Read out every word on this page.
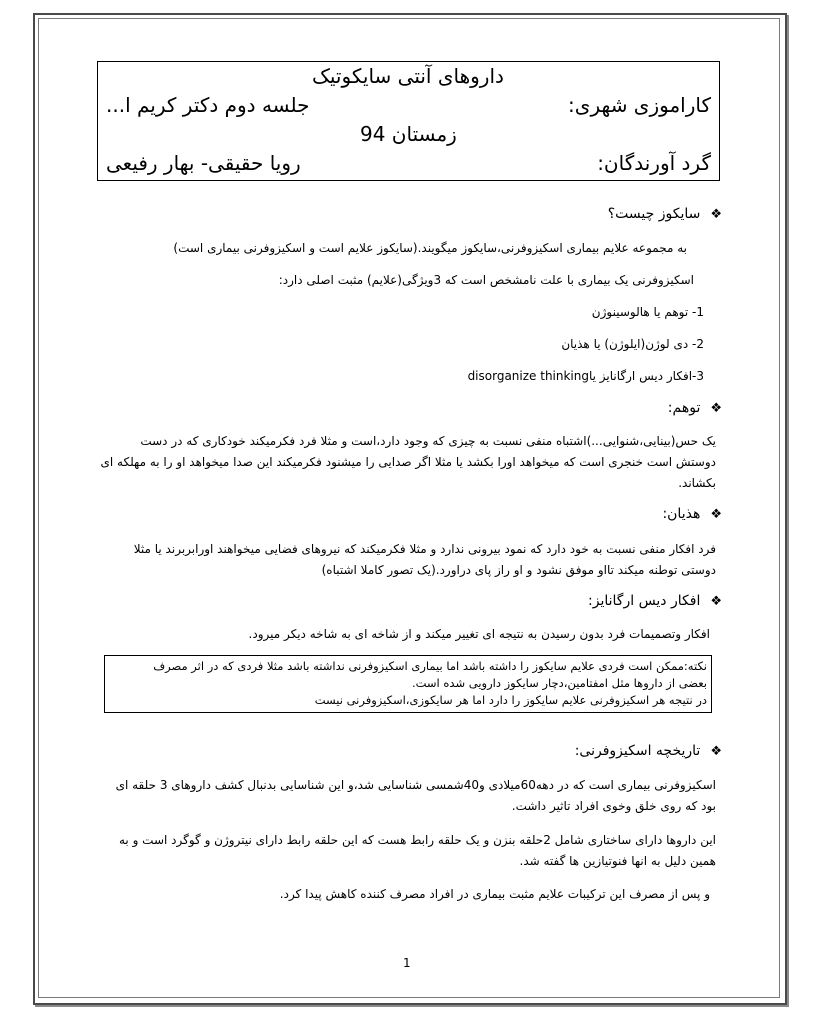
داروهای آنتی سایکوتیک
کاراموزی شهری:
جلسه دوم دکتر کریم ا...
زمستان 94
گرد آورندگان:
رویا حقیقی- بهار رفیعی
❖سایکوز چیست؟
به مجموعه علایم بیماری اسکیزوفرنی،سایکوز میگویند.(سایکوز علایم است و اسکیزوفرنی بیماری است)
اسکیزوفرنی یک بیماری با علت نامشخص است که 3ویژگی(علایم) مثبت اصلی دارد:
1- توهم یا هالوسینوژن
2- دی لوژن(ایلوژن) یا هذیان
3-افکار دیس ارگانایز یاdisorganize thinking
❖توهم:
یک حس(بینایی،شنوایی...)اشتباه منفی نسبت به چیزی که وجود دارد،است و مثلا فرد فکرمیکند خودکاری که در دست دوستش است خنجری است که میخواهد اورا بکشد یا مثلا اگر صدایی را میشنود فکرمیکند این صدا میخواهد او را به مهلکه ای بکشاند.
❖هذیان:
فرد افکار منفی نسبت به خود دارد که نمود بیرونی ندارد و مثلا فکرمیکند که نیروهای فضایی میخواهند اورابربرند یا مثلا دوستی توطنه میکند تااو موفق نشود و او راز پای دراورد.(یک تصور کاملا اشتباه)
❖افکار دیس ارگانایز:
افکار وتصمیمات فرد بدون رسیدن به نتیجه ای تغییر میکند و از شاخه ای به شاخه دیکر میرود.
نکته:ممکن است فردی علایم سایکوز را داشته باشد اما بیماری اسکیزوفرنی نداشته باشد مثلا فردی که در اثر مصرف
بعضی از داروها مثل امفتامین،دچار سایکوز دارویی شده است.
در نتیجه هر اسکیزوفرنی علایم سایکوز را دارد اما هر سایکوزی،اسکیزوفرنی نیست
❖تاریخچه اسکیزوفرنی:
اسکیزوفرنی بیماری است که در دهه60میلادی و40شمسی شناسایی شد،و این شناسایی بدنبال کشف داروهای 3 حلقه ای بود که روی خلق وخوی افراد تاثیر داشت.
این داروها دارای ساختاری شامل 2حلقه بنزن و یک حلقه رابط هست که این حلقه رابط دارای نیتروژن و گوگرد است و به همین دلیل به انها فنوتیازین ها گفته شد.
و پس از مصرف این ترکیبات علایم مثبت بیماری در افراد مصرف کننده کاهش پیدا کرد.
1
